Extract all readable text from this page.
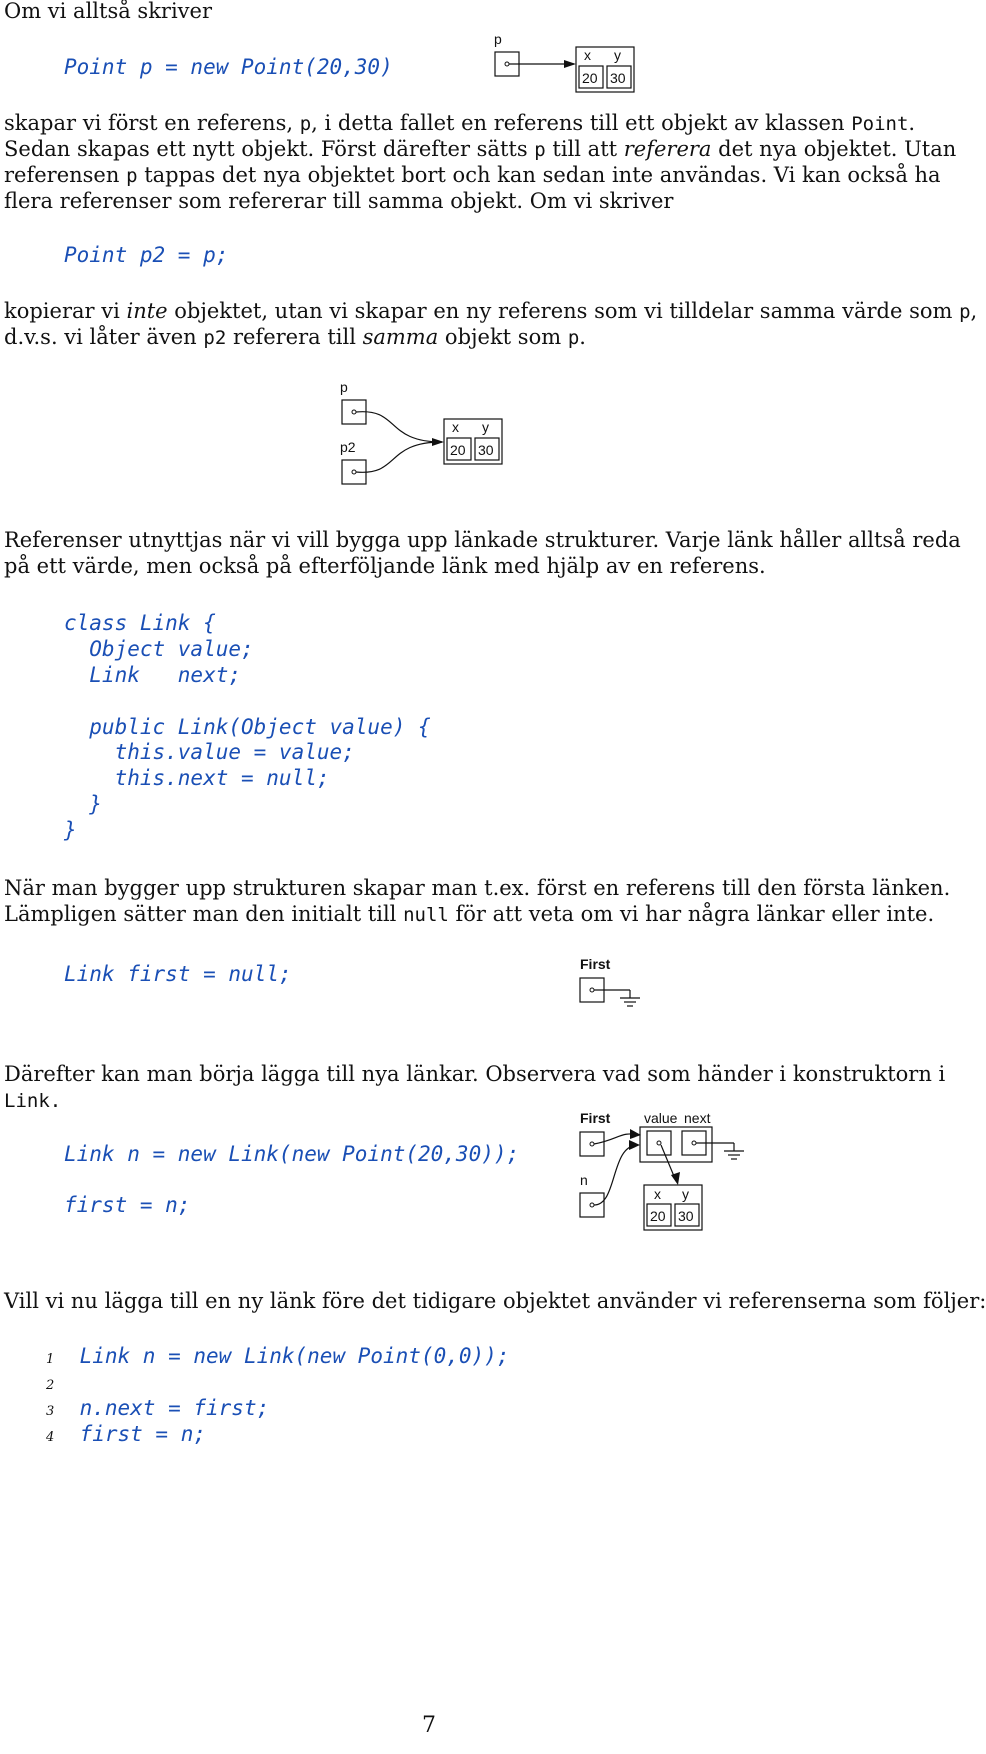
Om vi alltså skriver
Point p = new Point(20,30)
p
x y
20 30
skapar vi först en referens, p, i detta fallet en referens till ett objekt av klassen Point.
Sedan skapas ett nytt objekt. Först därefter sätts p till att referera det nya objektet. Utan
referensen p tappas det nya objektet bort och kan sedan inte användas. Vi kan också ha
flera referenser som refererar till samma objekt. Om vi skriver
Point p2 = p;
kopierar vi inte objektet, utan vi skapar en ny referens som vi tilldelar samma värde som p,
d.v.s. vi låter även p2 referera till samma objekt som p.
p
p2
x y
20 30
Referenser utnyttjas när vi vill bygga upp länkade strukturer. Varje länk håller alltså reda
på ett värde, men också på efterföljande länk med hjälp av en referens.
class Link {
Object value;
Link   next;
public Link(Object value) {
this.value = value;
this.next = null;
}
}
När man bygger upp strukturen skapar man t.ex. först en referens till den första länken.
Lämpligen sätter man den initialt till null för att veta om vi har några länkar eller inte.
Link first = null;	First
Därefter kan man börja lägga till nya länkar. Observera vad som händer i konstruktorn i
Link.
Link n = new Link(new Point(20,30));
first = n;
First
n
value next
x y
20 30
Vill vi nu lägga till en ny länk före det tidigare objektet använder vi referenserna som följer:
1 Link n = new Link(new Point(0,0));
2
3 n.next = first;
4 first = n;
7
